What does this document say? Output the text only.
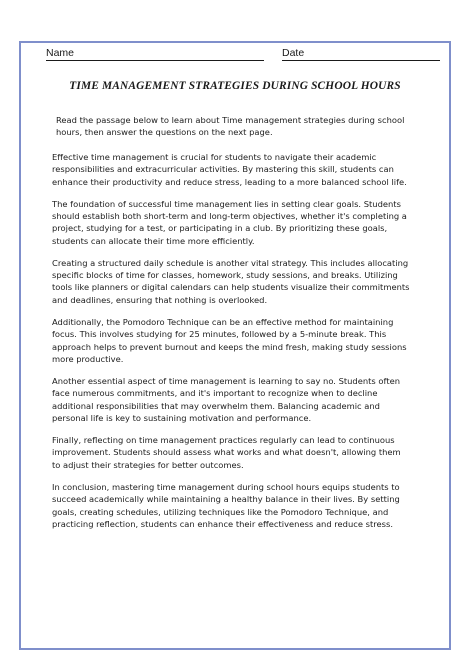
Name	Date
TIME MANAGEMENT STRATEGIES DURING SCHOOL HOURS

Read the passage below to learn about Time management strategies during school hours, then answer the questions on the next page.

Effective time management is crucial for students to navigate their academic responsibilities and extracurricular activities. By mastering this skill, students can enhance their productivity and reduce stress, leading to a more balanced school life.

The foundation of successful time management lies in setting clear goals. Students should establish both short-term and long-term objectives, whether it's completing a project, studying for a test, or participating in a club. By prioritizing these goals, students can allocate their time more efficiently.

Creating a structured daily schedule is another vital strategy. This includes allocating specific blocks of time for classes, homework, study sessions, and breaks. Utilizing tools like planners or digital calendars can help students visualize their commitments and deadlines, ensuring that nothing is overlooked.

Additionally, the Pomodoro Technique can be an effective method for maintaining focus. This involves studying for 25 minutes, followed by a 5-minute break. This approach helps to prevent burnout and keeps the mind fresh, making study sessions more productive.

Another essential aspect of time management is learning to say no. Students often face numerous commitments, and it's important to recognize when to decline additional responsibilities that may overwhelm them. Balancing academic and personal life is key to sustaining motivation and performance.

Finally, reflecting on time management practices regularly can lead to continuous improvement. Students should assess what works and what doesn't, allowing them to adjust their strategies for better outcomes.

In conclusion, mastering time management during school hours equips students to succeed academically while maintaining a healthy balance in their lives. By setting goals, creating schedules, utilizing techniques like the Pomodoro Technique, and practicing reflection, students can enhance their effectiveness and reduce stress.
